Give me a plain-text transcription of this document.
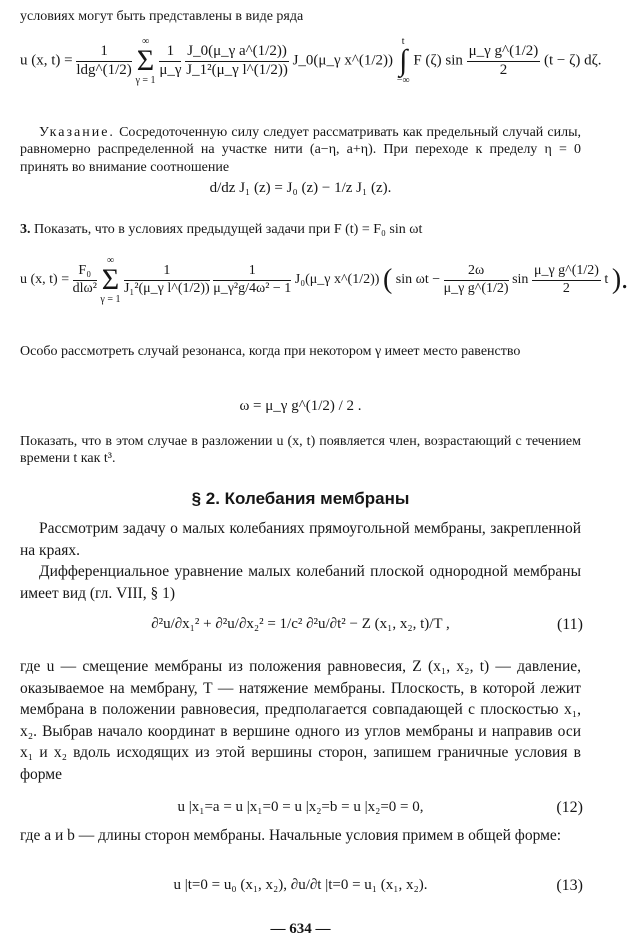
условиях могут быть представлены в виде ряда

u (x, $t) = \frac{1}{\text{ldg\textasciicircum{}(1/2)}}$
∞
Σ
γ = 1
$\frac{1}{\mu\_\gamma}$
$\frac{\text{J\_0(μ\_γ a\textasciicircum{}(1/2))}}{\text{J\_1²(μ\_γ l\textasciicircum{}(1/2))}}$ J_0(μ_γ x^(1/2)) t
∫
−∞ F (ζ) $\sin \frac{\text{μ\_γ g\textasciicircum{}(1/2)}}{2} (t - \zeta)$ dζ.

Указание. Сосредоточенную силу следует рассматривать как предельный случай силы, равномерно распределенной на участке нити (a−η, a+η). При переходе к пределу η = 0 принять во внимание соотношение

d/dz J₁ (z) = J₀ (z) − 1/z J₁ (z).

3. Показать, что в условиях предыдущей задачи при F (t) = F₀ sin ωt

u (x, $t) = \frac{\text{F₀}}{\text{dlω²}}$
∞
Σ
γ = 1
$\frac{1}{\text{J₁²(μ\_γ l\textasciicircum{}(1/2))}}$
$\frac{1}{\text{μ\_γ²g/4ω² − 1}}$ J₀(μ_γ x^(1/2)) ( $\sin \omega t - \frac{2\omega}{\text{μ\_γ g\textasciicircum{}(1/2)}}$ $\sin \frac{\text{μ\_γ g\textasciicircum{}(1/2)}}{2}$ t ).

Особо рассмотреть случай резонанса, когда при некотором γ имеет место равенство

ω = μ_γ g^(1/2) / 2 .

Показать, что в этом случае в разложении u (x, t) появляется член, возрастающий с течением времени t как t³.

§ 2. Колебания мембраны

Рассмотрим задачу о малых колебаниях прямоугольной мембраны, закрепленной на краях.

Дифференциальное уравнение малых колебаний плоской однородной мембраны имеет вид (гл. VIII, § 1)

∂²u/∂x₁² + ∂²u/∂x₂² = 1/c² ∂²u/∂t² − Z (x₁, x₂, t)/T ,	(11)

где u — смещение мембраны из положения равновесия, Z (x₁, x₂, t) — давление, оказываемое на мембрану, T — натяжение мембраны. Плоскость, в которой лежит мембрана в положении равновесия, предполагается совпадающей с плоскостью x₁, x₂. Выбрав начало координат в вершине одного из углов мембраны и направив оси x₁ и x₂ вдоль исходящих из этой вершины сторон, запишем граничные условия в форме

u |x₁=a = u |x₁=0 = u |x₂=b = u |x₂=0 = 0,	(12)

где a и b — длины сторон мембраны. Начальные условия примем в общей форме:

u |t=0 = u₀ (x₁, x₂), ∂u/∂t |t=0 = u₁ (x₁, x₂).	(13)
— 634 —
